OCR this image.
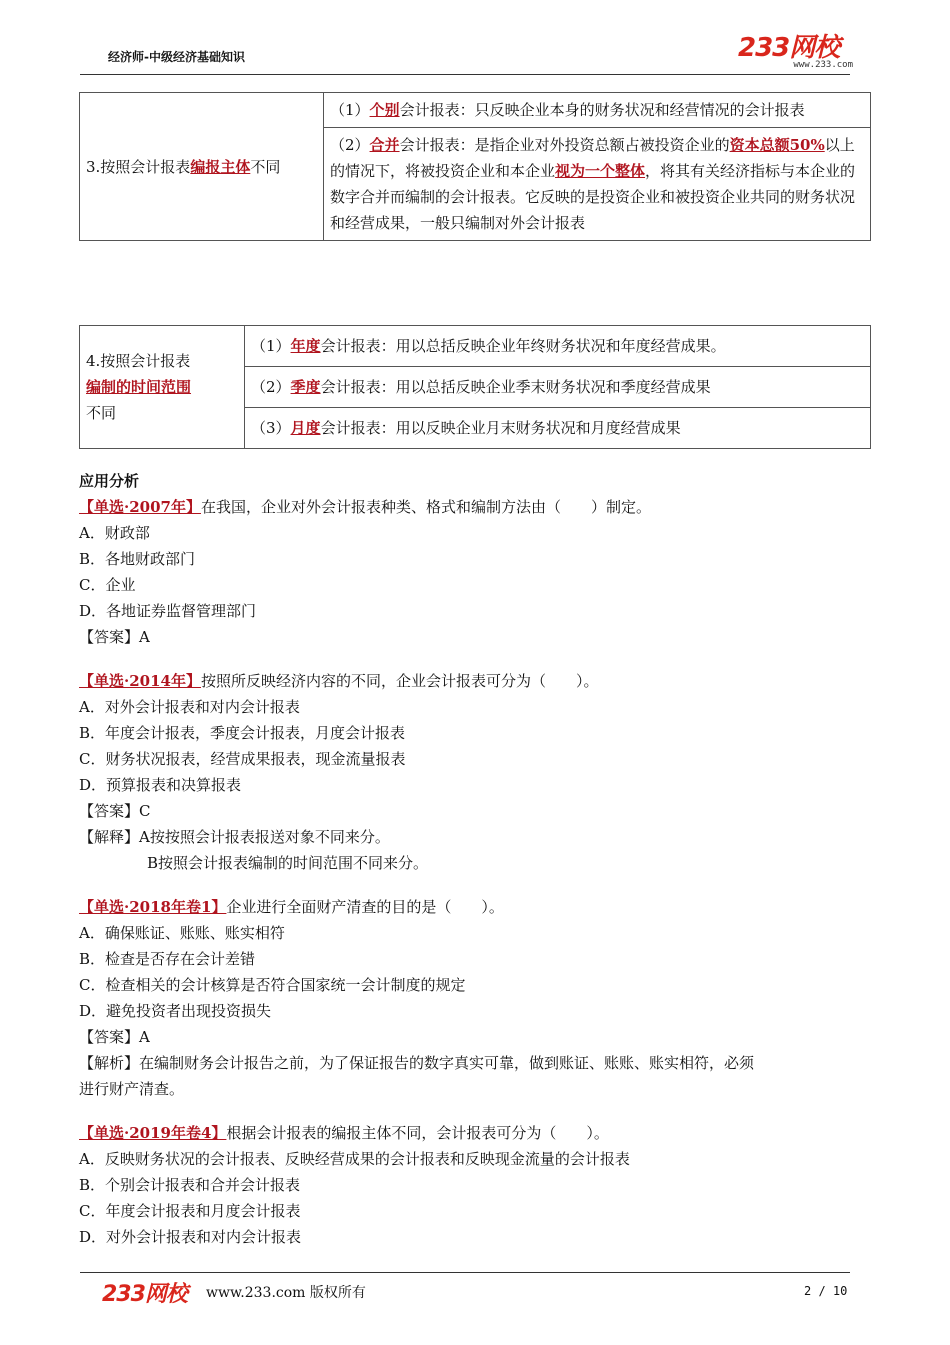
经济师-中级经济基础知识	233网校
www.233.com
3.按照会计报表编报主体不同	（1）个别会计报表：只反映企业本身的财务状况和经营情况的会计报表
（2）合并会计报表：是指企业对外投资总额占被投资企业的资本总额50%以上的情况下，将被投资企业和本企业视为一个整体，将其有关经济指标与本企业的数字合并而编制的会计报表。它反映的是投资企业和被投资企业共同的财务状况和经营成果，一般只编制对外会计报表
4.按照会计报表
编制的时间范围
不同
	（1）年度会计报表：用以总括反映企业年终财务状况和年度经营成果。
（2）季度会计报表：用以总括反映企业季末财务状况和季度经营成果
（3）月度会计报表：用以反映企业月末财务状况和月度经营成果
应用分析
【单选·2007年】在我国，企业对外会计报表种类、格式和编制方法由（　　）制定。
A．财政部
B．各地财政部门
C．企业
D．各地证券监督管理部门
【答案】A
【单选·2014年】按照所反映经济内容的不同，企业会计报表可分为（　　）。
A．对外会计报表和对内会计报表
B．年度会计报表，季度会计报表，月度会计报表
C．财务状况报表，经营成果报表，现金流量报表
D．预算报表和决算报表
【答案】C
【解释】A按按照会计报表报送对象不同来分。
B按照会计报表编制的时间范围不同来分。
【单选·2018年卷1】企业进行全面财产清查的目的是（　　）。
A．确保账证、账账、账实相符
B．检查是否存在会计差错
C．检查相关的会计核算是否符合国家统一会计制度的规定
D．避免投资者出现投资损失
【答案】A
【解析】在编制财务会计报告之前，为了保证报告的数字真实可靠，做到账证、账账、账实相符，必须
进行财产清查。
【单选·2019年卷4】根据会计报表的编报主体不同，会计报表可分为（　　）。
A．反映财务状况的会计报表、反映经营成果的会计报表和反映现金流量的会计报表
B．个别会计报表和合并会计报表
C．年度会计报表和月度会计报表
D．对外会计报表和对内会计报表
233网校 www.233.com 版权所有	2 / 10
